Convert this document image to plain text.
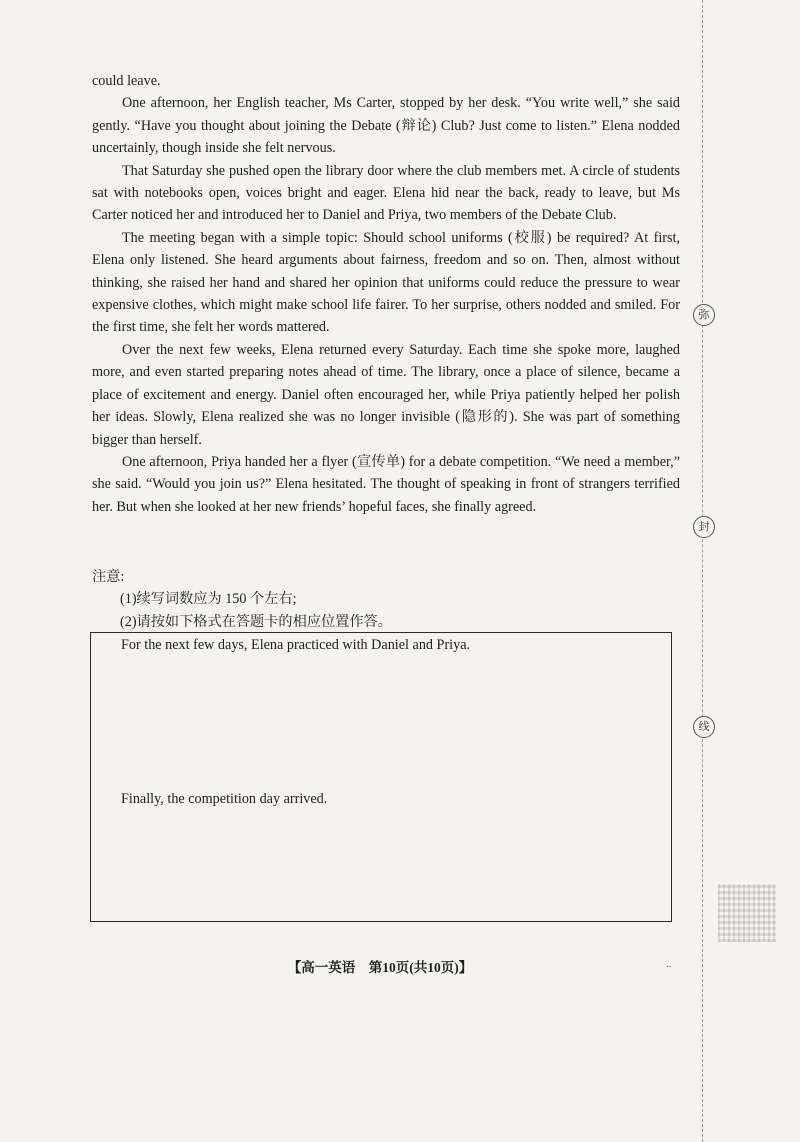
could leave.

One afternoon, her English teacher, Ms Carter, stopped by her desk. “You write well,” she said gently. “Have you thought about joining the Debate (辩论) Club? Just come to listen.” Elena nodded uncertainly, though inside she felt nervous.

That Saturday she pushed open the library door where the club members met. A circle of students sat with notebooks open, voices bright and eager. Elena hid near the back, ready to leave, but Ms Carter noticed her and introduced her to Daniel and Priya, two members of the Debate Club.

The meeting began with a simple topic: Should school uniforms (校服) be required? At first, Elena only listened. She heard arguments about fairness, freedom and so on. Then, almost without thinking, she raised her hand and shared her opinion that uniforms could reduce the pressure to wear expensive clothes, which might make school life fairer. To her surprise, others nodded and smiled. For the first time, she felt her words mattered.

Over the next few weeks, Elena returned every Saturday. Each time she spoke more, laughed more, and even started preparing notes ahead of time. The library, once a place of silence, became a place of excitement and energy. Daniel often encouraged her, while Priya patiently helped her polish her ideas. Slowly, Elena realized she was no longer invisible (隐形的). She was part of something bigger than herself.

One afternoon, Priya handed her a flyer (宣传单) for a debate competition. “We need a member,” she said. “Would you join us?” Elena hesitated. The thought of speaking in front of strangers terrified her. But when she looked at her new friends’ hopeful faces, she finally agreed.

注意:
(1)续写词数应为 150 个左右;
(2)请按如下格式在答题卡的相应位置作答。
For the next few days, Elena practiced with Daniel and Priya.
Finally, the competition day arrived.
【高一英语　第10页(共10页)】	..
弥
封
线
